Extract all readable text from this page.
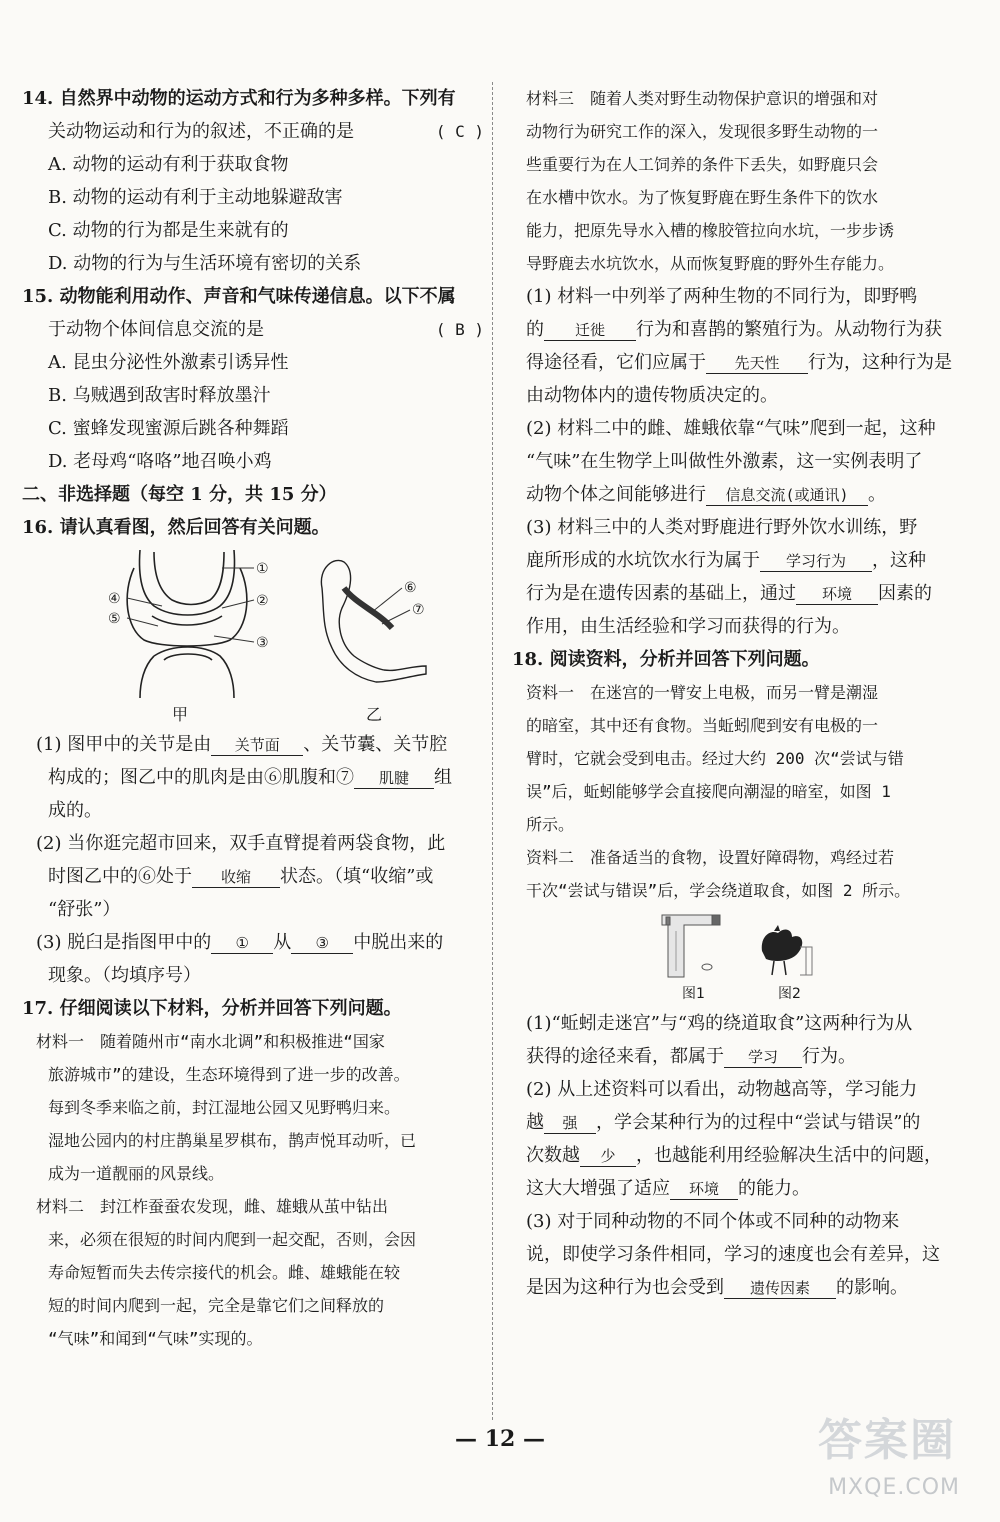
14. 自然界中动物的运动方式和行为多种多样。下列有
关动物运动和行为的叙述，不正确的是	( C )
A. 动物的运动有利于获取食物
B. 动物的运动有利于主动地躲避敌害
C. 动物的行为都是生来就有的
D. 动物的行为与生活环境有密切的关系
15. 动物能利用动作、声音和气味传递信息。以下不属
于动物个体间信息交流的是	( B )
A. 昆虫分泌性外激素引诱异性
B. 乌贼遇到敌害时释放墨汁
C. 蜜蜂发现蜜源后跳各种舞蹈
D. 老母鸡“咯咯”地召唤小鸡
二、非选择题（每空 1 分，共 15 分）
16. 请认真看图，然后回答有关问题。
①
②
③
④
⑤
⑥
⑦
甲	乙
(1) 图甲中的关节是由 关节面 、关节囊、关节腔
构成的；图乙中的肌肉是由⑥肌腹和⑦ 肌腱 组
成的。
(2) 当你逛完超市回来，双手直臂提着两袋食物，此
时图乙中的⑥处于 收缩 状态。（填“收缩”或
“舒张”）
(3) 脱臼是指图甲中的 ① 从 ③ 中脱出来的
现象。（均填序号）
17. 仔细阅读以下材料，分析并回答下列问题。
材料一　随着随州市“南水北调”和积极推进“国家
旅游城市”的建设，生态环境得到了进一步的改善。
每到冬季来临之前，封江湿地公园又见野鸭归来。
湿地公园内的村庄鹊巢星罗棋布，鹊声悦耳动听，已
成为一道靓丽的风景线。
材料二　封江柞蚕蚕农发现，雌、雄蛾从茧中钻出
来，必须在很短的时间内爬到一起交配，否则，会因
寿命短暂而失去传宗接代的机会。雌、雄蛾能在较
短的时间内爬到一起，完全是靠它们之间释放的
“气味”和闻到“气味”实现的。
材料三　随着人类对野生动物保护意识的增强和对
动物行为研究工作的深入，发现很多野生动物的一
些重要行为在人工饲养的条件下丢失，如野鹿只会
在水槽中饮水。为了恢复野鹿在野生条件下的饮水
能力，把原先导水入槽的橡胶管拉向水坑，一步步诱
导野鹿去水坑饮水，从而恢复野鹿的野外生存能力。
(1) 材料一中列举了两种生物的不同行为，即野鸭
的 迁徙 行为和喜鹊的繁殖行为。从动物行为获
得途径看，它们应属于 先天性 行为，这种行为是
由动物体内的遗传物质决定的。
(2) 材料二中的雌、雄蛾依靠“气味”爬到一起，这种
“气味”在生物学上叫做性外激素，这一实例表明了
动物个体之间能够进行 信息交流(或通讯) 。
(3) 材料三中的人类对野鹿进行野外饮水训练，野
鹿所形成的水坑饮水行为属于 学习行为 ，这种
行为是在遗传因素的基础上，通过 环境 因素的
作用，由生活经验和学习而获得的行为。
18. 阅读资料，分析并回答下列问题。
资料一　在迷宫的一臂安上电极，而另一臂是潮湿
的暗室，其中还有食物。当蚯蚓爬到安有电极的一
臂时，它就会受到电击。经过大约 200 次“尝试与错
误”后，蚯蚓能够学会直接爬向潮湿的暗室，如图 1
所示。
资料二　准备适当的食物，设置好障碍物，鸡经过若
干次“尝试与错误”后，学会绕道取食，如图 2 所示。
图1	图2
(1)“蚯蚓走迷宫”与“鸡的绕道取食”这两种行为从
获得的途径来看，都属于 学习 行为。
(2) 从上述资料可以看出，动物越高等，学习能力
越 强 ，学会某种行为的过程中“尝试与错误”的
次数越 少 ，也越能利用经验解决生活中的问题，
这大大增强了适应 环境 的能力。
(3) 对于同种动物的不同个体或不同种的动物来
说，即使学习条件相同，学习的速度也会有差异，这
是因为这种行为也会受到 遗传因素 的影响。
— 12 —	答案圈
MXQE.COM
